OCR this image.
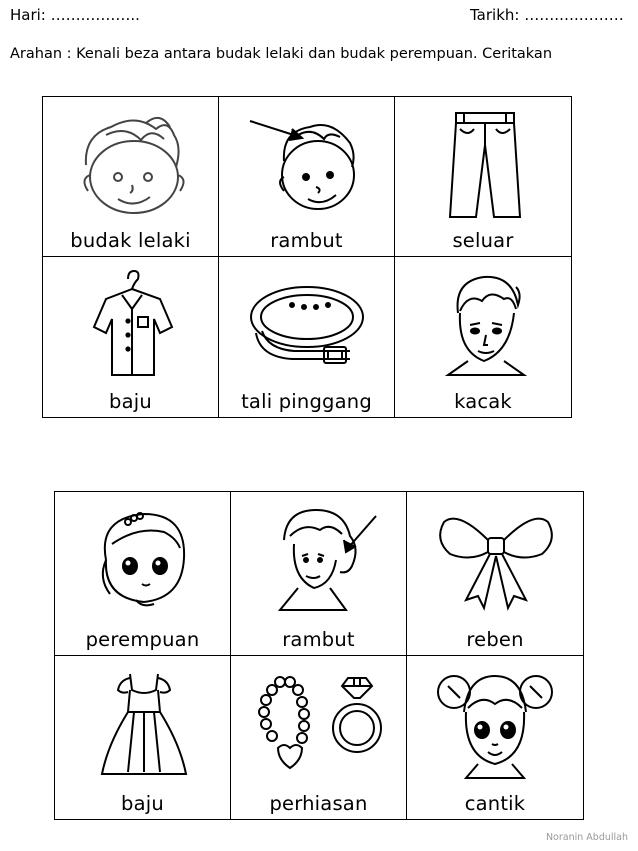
Hari: …….………..	Tarikh: …….….………
Arahan : Kenali beza antara budak lelaki dan budak perempuan. Ceritakan
budak lelaki	rambut	seluar
baju	tali pinggang	kacak
perempuan	rambut	reben
baju	perhiasan	cantik
Noranin Abdullah
